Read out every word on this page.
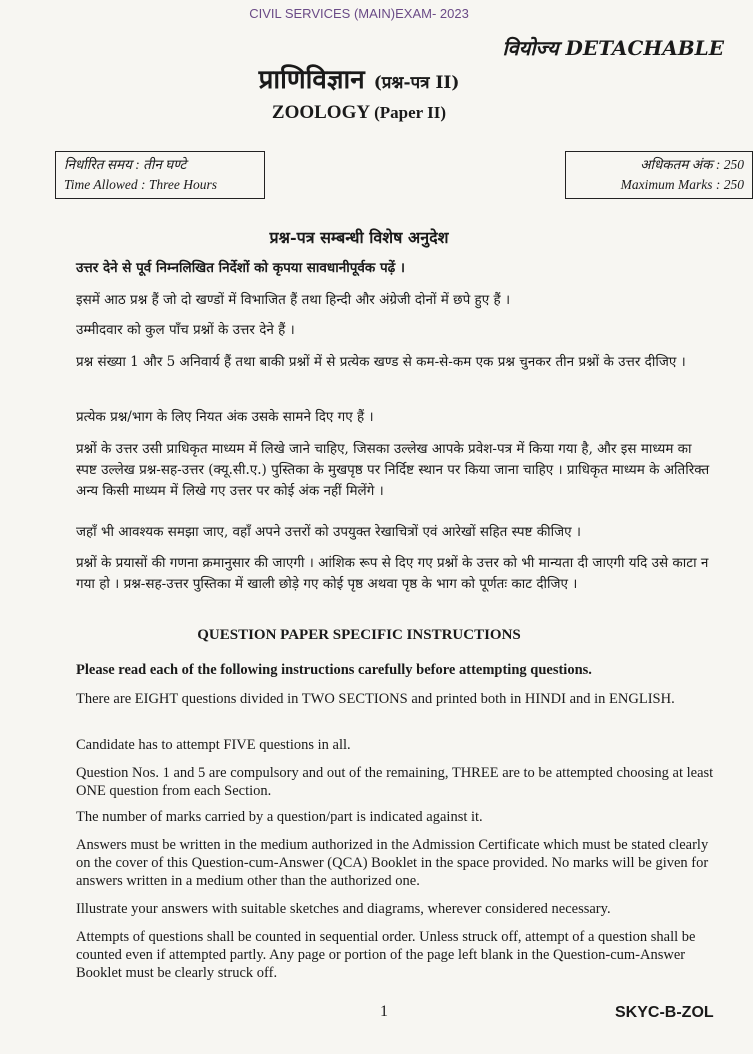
CIVIL SERVICES (MAIN)EXAM- 2023
वियोज्य DETACHABLE
प्राणिविज्ञान (प्रश्न-पत्र II)
ZOOLOGY (Paper II)
निर्धारित समय : तीन घण्टे
Time Allowed : Three Hours
अधिकतम अंक : 250
Maximum Marks : 250
प्रश्न-पत्र सम्बन्धी विशेष अनुदेश
उत्तर देने से पूर्व निम्नलिखित निर्देशों को कृपया सावधानीपूर्वक पढ़ें ।
इसमें आठ प्रश्न हैं जो दो खण्डों में विभाजित हैं तथा हिन्दी और अंग्रेजी दोनों में छपे हुए हैं ।
उम्मीदवार को कुल पाँच प्रश्नों के उत्तर देने हैं ।
प्रश्न संख्या 1 और 5 अनिवार्य हैं तथा बाकी प्रश्नों में से प्रत्येक खण्ड से कम-से-कम एक प्रश्न चुनकर तीन प्रश्नों के उत्तर दीजिए ।
प्रत्येक प्रश्न/भाग के लिए नियत अंक उसके सामने दिए गए हैं ।
प्रश्नों के उत्तर उसी प्राधिकृत माध्यम में लिखे जाने चाहिए, जिसका उल्लेख आपके प्रवेश-पत्र में किया गया है, और इस माध्यम का स्पष्ट उल्लेख प्रश्न-सह-उत्तर (क्यू.सी.ए.) पुस्तिका के मुखपृष्ठ पर निर्दिष्ट स्थान पर किया जाना चाहिए । प्राधिकृत माध्यम के अतिरिक्त अन्य किसी माध्यम में लिखे गए उत्तर पर कोई अंक नहीं मिलेंगे ।
जहाँ भी आवश्यक समझा जाए, वहाँ अपने उत्तरों को उपयुक्त रेखाचित्रों एवं आरेखों सहित स्पष्ट कीजिए ।
प्रश्नों के प्रयासों की गणना क्रमानुसार की जाएगी । आंशिक रूप से दिए गए प्रश्नों के उत्तर को भी मान्यता दी जाएगी यदि उसे काटा न गया हो । प्रश्न-सह-उत्तर पुस्तिका में खाली छोड़े गए कोई पृष्ठ अथवा पृष्ठ के भाग को पूर्णतः काट दीजिए ।
QUESTION PAPER SPECIFIC INSTRUCTIONS
Please read each of the following instructions carefully before attempting questions.
There are EIGHT questions divided in TWO SECTIONS and printed both in HINDI and in ENGLISH.
Candidate has to attempt FIVE questions in all.
Question Nos. 1 and 5 are compulsory and out of the remaining, THREE are to be attempted choosing at least ONE question from each Section.
The number of marks carried by a question/part is indicated against it.
Answers must be written in the medium authorized in the Admission Certificate which must be stated clearly on the cover of this Question-cum-Answer (QCA) Booklet in the space provided. No marks will be given for answers written in a medium other than the authorized one.
Illustrate your answers with suitable sketches and diagrams, wherever considered necessary.
Attempts of questions shall be counted in sequential order. Unless struck off, attempt of a question shall be counted even if attempted partly. Any page or portion of the page left blank in the Question-cum-Answer Booklet must be clearly struck off.
1	SKYC-B-ZOL
